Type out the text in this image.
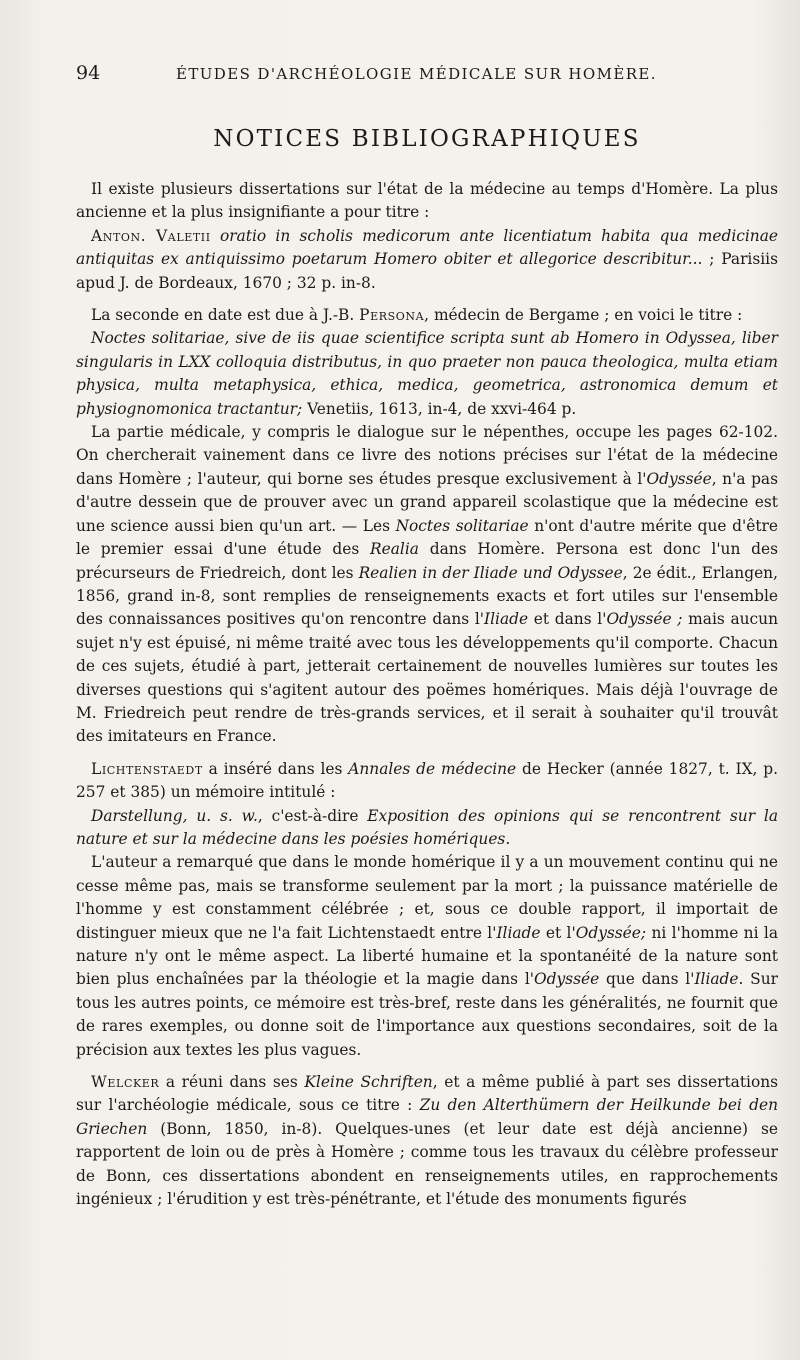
94	ÉTUDES D'ARCHÉOLOGIE MÉDICALE SUR HOMÈRE.
NOTICES BIBLIOGRAPHIQUES

Il existe plusieurs dissertations sur l'état de la médecine au temps d'Homère. La plus ancienne et la plus insignifiante a pour titre :

Anton. Valetii oratio in scholis medicorum ante licentiatum habita qua medicinae antiquitas ex antiquissimo poetarum Homero obiter et allegorice describitur... ; Parisiis apud J. de Bordeaux, 1670 ; 32 p. in-8.

La seconde en date est due à J.-B. Persona, médecin de Bergame ; en voici le titre :

Noctes solitariae, sive de iis quae scientifice scripta sunt ab Homero in Odyssea, liber singularis in LXX colloquia distributus, in quo praeter non pauca theologica, multa etiam physica, multa metaphysica, ethica, medica, geometrica, astronomica demum et physiognomonica tractantur; Venetiis, 1613, in-4, de xxvi-464 p.

La partie médicale, y compris le dialogue sur le népenthes, occupe les pages 62-102. On chercherait vainement dans ce livre des notions précises sur l'état de la médecine dans Homère ; l'auteur, qui borne ses études presque exclusivement à l'Odyssée, n'a pas d'autre dessein que de prouver avec un grand appareil scolastique que la médecine est une science aussi bien qu'un art. — Les Noctes solitariae n'ont d'autre mérite que d'être le premier essai d'une étude des Realia dans Homère. Persona est donc l'un des précurseurs de Friedreich, dont les Realien in der Iliade und Odyssee, 2e édit., Erlangen, 1856, grand in-8, sont remplies de renseignements exacts et fort utiles sur l'ensemble des connaissances positives qu'on rencontre dans l'Iliade et dans l'Odyssée ; mais aucun sujet n'y est épuisé, ni même traité avec tous les développements qu'il comporte. Chacun de ces sujets, étudié à part, jetterait certainement de nouvelles lumières sur toutes les diverses questions qui s'agitent autour des poëmes homériques. Mais déjà l'ouvrage de M. Friedreich peut rendre de très-grands services, et il serait à souhaiter qu'il trouvât des imitateurs en France.

Lichtenstaedt a inséré dans les Annales de médecine de Hecker (année 1827, t. IX, p. 257 et 385) un mémoire intitulé :

Darstellung, u. s. w., c'est-à-dire Exposition des opinions qui se rencontrent sur la nature et sur la médecine dans les poésies homériques.

L'auteur a remarqué que dans le monde homérique il y a un mouvement continu qui ne cesse même pas, mais se transforme seulement par la mort ; la puissance matérielle de l'homme y est constamment célébrée ; et, sous ce double rapport, il importait de distinguer mieux que ne l'a fait Lichtenstaedt entre l'Iliade et l'Odyssée; ni l'homme ni la nature n'y ont le même aspect. La liberté humaine et la spontanéité de la nature sont bien plus enchaînées par la théologie et la magie dans l'Odyssée que dans l'Iliade. Sur tous les autres points, ce mémoire est très-bref, reste dans les généralités, ne fournit que de rares exemples, ou donne soit de l'importance aux questions secondaires, soit de la précision aux textes les plus vagues.

Welcker a réuni dans ses Kleine Schriften, et a même publié à part ses dissertations sur l'archéologie médicale, sous ce titre : Zu den Alterthümern der Heilkunde bei den Griechen (Bonn, 1850, in-8). Quelques-unes (et leur date est déjà ancienne) se rapportent de loin ou de près à Homère ; comme tous les travaux du célèbre professeur de Bonn, ces dissertations abondent en renseignements utiles, en rapprochements ingénieux ; l'érudition y est très-pénétrante, et l'étude des monuments figurés
